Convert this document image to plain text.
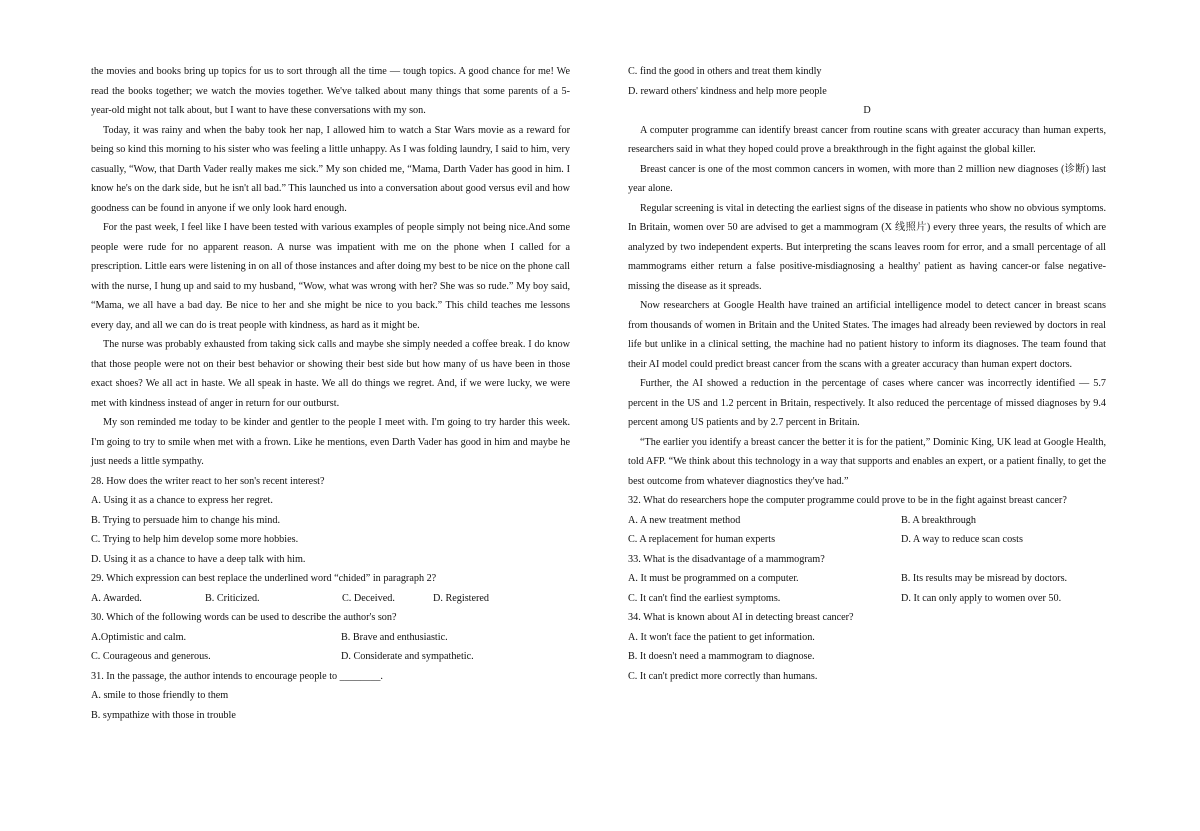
the movies and books bring up topics for us to sort through all the time — tough topics. A good chance for me! We read the books together; we watch the movies together. We've talked about many things that some parents of a 5-year-old might not talk about, but I want to have these conversations with my son.

Today, it was rainy and when the baby took her nap, I allowed him to watch a Star Wars movie as a reward for being so kind this morning to his sister who was feeling a little unhappy. As I was folding laundry, I said to him, very casually, “Wow, that Darth Vader really makes me sick.” My son chided me, “Mama, Darth Vader has good in him. I know he's on the dark side, but he isn't all bad.” This launched us into a conversation about good versus evil and how goodness can be found in anyone if we only look hard enough.

For the past week, I feel like I have been tested with various examples of people simply not being nice.And some people were rude for no apparent reason. A nurse was impatient with me on the phone when I called for a prescription. Little ears were listening in on all of those instances and after doing my best to be nice on the phone call with the nurse, I hung up and said to my husband, “Wow, what was wrong with her? She was so rude.” My boy said, “Mama, we all have a bad day. Be nice to her and she might be nice to you back.” This child teaches me lessons every day, and all we can do is treat people with kindness, as hard as it might be.

The nurse was probably exhausted from taking sick calls and maybe she simply needed a coffee break. I do know that those people were not on their best behavior or showing their best side but how many of us have been in those exact shoes? We all act in haste. We all speak in haste. We all do things we regret. And, if we were lucky, we were met with kindness instead of anger in return for our outburst.

My son reminded me today to be kinder and gentler to the people I meet with. I'm going to try harder this week. I'm going to try to smile when met with a frown. Like he mentions, even Darth Vader has good in him and maybe he just needs a little sympathy.

28. How does the writer react to her son's recent interest?

A. Using it as a chance to express her regret.

B. Trying to persuade him to change his mind.

C. Trying to help him develop some more hobbies.

D. Using it as a chance to have a deep talk with him.

29. Which expression can best replace the underlined word “chided” in paragraph 2?

A. Awarded.	B. Criticized.	C. Deceived.	D. Registered

30. Which of the following words can be used to describe the author's son?

A.Optimistic and calm.	B. Brave and enthusiastic.
C. Courageous and generous.	D. Considerate and sympathetic.

31. In the passage, the author intends to encourage people to ________.

A. smile to those friendly to them

B. sympathize with those in trouble

C. find the good in others and treat them kindly

D. reward others' kindness and help more people

D

A computer programme can identify breast cancer from routine scans with greater accuracy than human experts, researchers said in what they hoped could prove a breakthrough in the fight against the global killer.

Breast cancer is one of the most common cancers in women, with more than 2 million new diagnoses (诊断) last year alone.

Regular screening is vital in detecting the earliest signs of the disease in patients who show no obvious symptoms. In Britain, women over 50 are advised to get a mammogram (X 线照片) every three years, the results of which are analyzed by two independent experts. But interpreting the scans leaves room for error, and a small percentage of all mammograms either return a false positive-misdiagnosing a healthy' patient as having cancer-or false negative-missing the disease as it spreads.

Now researchers at Google Health have trained an artificial intelligence model to detect cancer in breast scans from thousands of women in Britain and the United States. The images had already been reviewed by doctors in real life but unlike in a clinical setting, the machine had no patient history to inform its diagnoses. The team found that their AI model could predict breast cancer from the scans with a greater accuracy than human expert doctors.

Further, the AI showed a reduction in the percentage of cases where cancer was incorrectly identified — 5.7 percent in the US and 1.2 percent in Britain, respectively. It also reduced the percentage of missed diagnoses by 9.4 percent among US patients and by 2.7 percent in Britain.

“The earlier you identify a breast cancer the better it is for the patient,” Dominic King, UK lead at Google Health, told AFP. “We think about this technology in a way that supports and enables an expert, or a patient finally, to get the best outcome from whatever diagnostics they've had.”

32. What do researchers hope the computer programme could prove to be in the fight against breast cancer?

A. A new treatment method	B. A breakthrough
C. A replacement for human experts	D. A way to reduce scan costs

33. What is the disadvantage of a mammogram?

A. It must be programmed on a computer.	B. Its results may be misread by doctors.
C. It can't find the earliest symptoms.	D. It can only apply to women over 50.

34. What is known about AI in detecting breast cancer?

A. It won't face the patient to get information.

B. It doesn't need a mammogram to diagnose.

C. It can't predict more correctly than humans.
